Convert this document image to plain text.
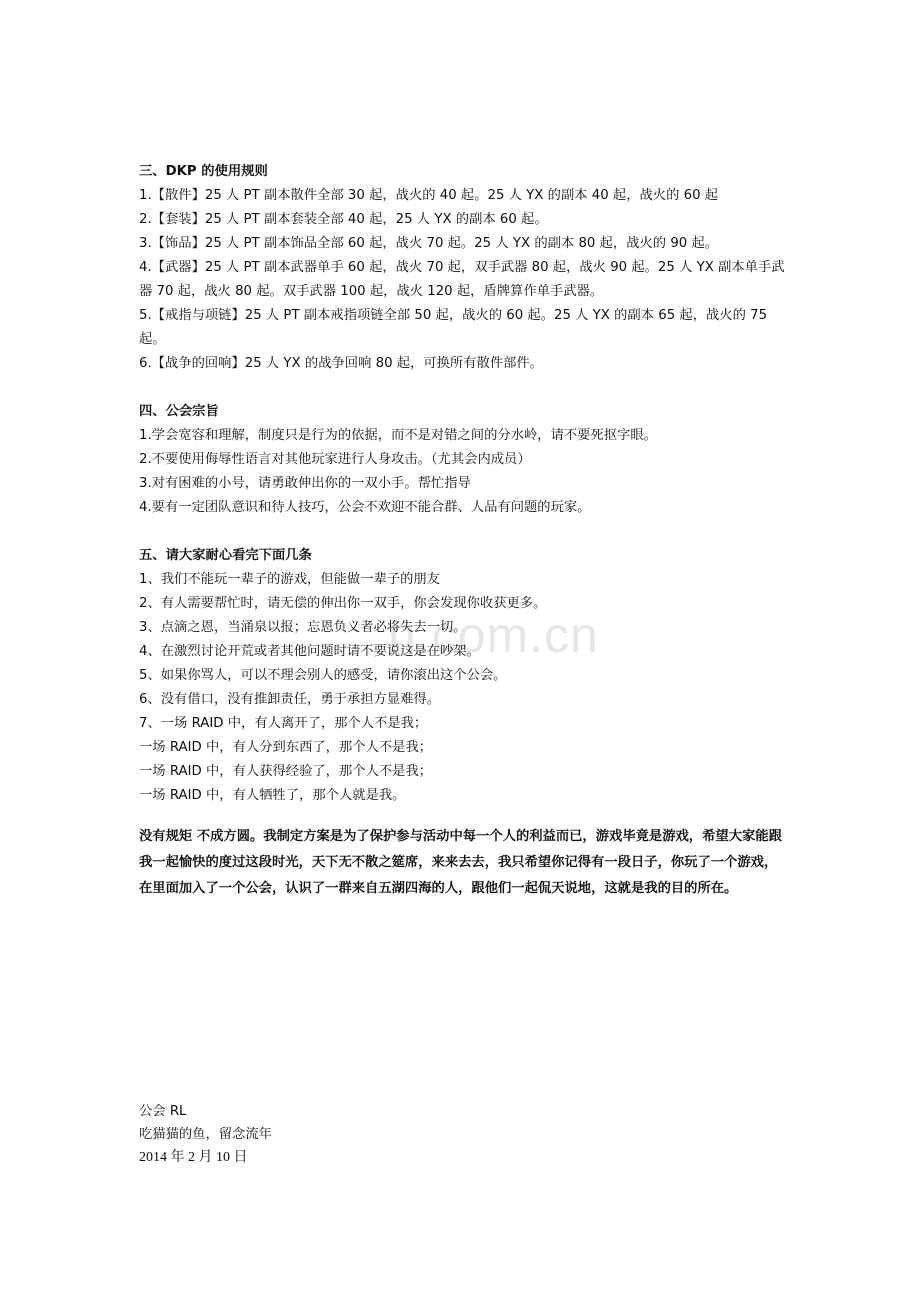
n.com.cn
三、DKP 的使用规则
1.【散件】25 人 PT 副本散件全部 30 起，战火的 40 起。25 人 YX 的副本 40 起，战火的 60 起
2.【套装】25 人 PT 副本套装全部 40 起，25 人 YX 的副本 60 起。
3.【饰品】25 人 PT 副本饰品全部 60 起，战火 70 起。25 人 YX 的副本 80 起，战火的 90 起。
4.【武器】25 人 PT 副本武器单手 60 起，战火 70 起，双手武器 80 起，战火 90 起。25 人 YX 副本单手武器 70 起，战火 80 起。双手武器 100 起，战火 120 起，盾牌算作单手武器。
5.【戒指与项链】25 人 PT 副本戒指项链全部 50 起，战火的 60 起。25 人 YX 的副本 65 起，战火的 75 起。
6.【战争的回响】25 人 YX 的战争回响 80 起，可换所有散件部件。
四、公会宗旨
1.学会宽容和理解，制度只是行为的依据，而不是对错之间的分水岭，请不要死抠字眼。
2.不要使用侮辱性语言对其他玩家进行人身攻击。（尤其会内成员）
3.对有困难的小号，请勇敢伸出你的一双小手。帮忙指导
4.要有一定团队意识和待人技巧，公会不欢迎不能合群、人品有问题的玩家。
五、请大家耐心看完下面几条
1、我们不能玩一辈子的游戏，但能做一辈子的朋友
2、有人需要帮忙时，请无偿的伸出你一双手，你会发现你收获更多。
3、点滴之恩，当涌泉以报；忘恩负义者必将失去一切。
4、在激烈讨论开荒或者其他问题时请不要说这是在吵架。
5、如果你骂人，可以不理会别人的感受，请你滚出这个公会。
6、没有借口，没有推卸责任，勇于承担方显难得。
7、一场 RAID 中，有人离开了，那个人不是我；
一场 RAID 中，有人分到东西了，那个人不是我；
一场 RAID 中，有人获得经验了，那个人不是我；
一场 RAID 中，有人牺牲了，那个人就是我。
没有规矩 不成方圆。我制定方案是为了保护参与活动中每一个人的利益而已，游戏毕竟是游戏，希望大家能跟我一起愉快的度过这段时光，天下无不散之筵席，来来去去，我只希望你记得有一段日子，你玩了一个游戏，在里面加入了一个公会，认识了一群来自五湖四海的人，跟他们一起侃天说地，这就是我的目的所在。
公会 RL
吃猫猫的鱼，留念流年
2014 年 2 月 10 日
